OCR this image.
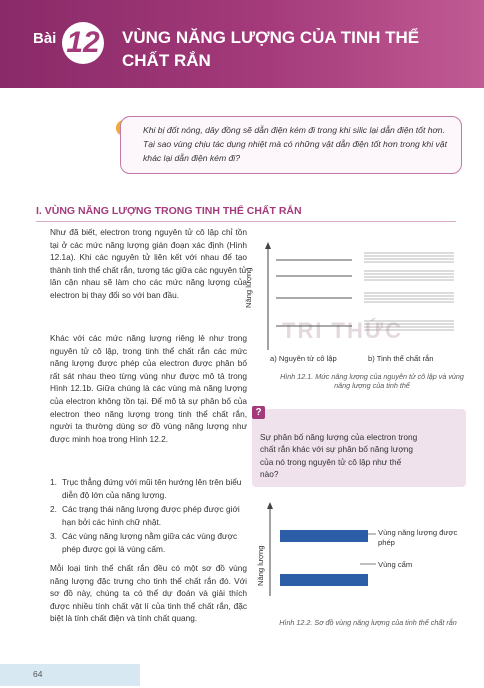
Bài 12 VÙNG NĂNG LƯỢNG CỦA TINH THỂ CHẤT RẮN

Khi bị đốt nóng, dây đồng sẽ dẫn điện kém đi trong khi silic lại dẫn điện tốt hơn. Tại sao vùng chịu tác dụng nhiệt mà có những vật dẫn điện tốt hơn trong khi vật khác lại dẫn điện kém đi?

I. VÙNG NĂNG LƯỢNG TRONG TINH THỂ CHẤT RẮN

Như đã biết, electron trong nguyên tử cô lập chỉ tồn tại ở các mức năng lượng gián đoạn xác định (Hình 12.1a). Khi các nguyên tử liên kết với nhau để tạo thành tinh thể chất rắn, tương tác giữa các nguyên tử lân cận nhau sẽ làm cho các mức năng lượng của electron bị thay đổi so với ban đầu.

Khác với các mức năng lượng riêng lẻ như trong nguyên tử cô lập, trong tinh thể chất rắn các mức năng lượng được phép của electron được phân bố rất sát nhau theo từng vùng như được mô tả trong Hình 12.1b. Giữa chúng là các vùng mà năng lượng của electron không tồn tại. Để mô tả sự phân bố của electron theo năng lượng trong tinh thể chất rắn, người ta thường dùng sơ đồ vùng năng lượng như được minh hoạ trong Hình 12.2.

1. Trục thẳng đứng với mũi tên hướng lên trên biểu diễn độ lớn của năng lượng.
2. Các trạng thái năng lượng được phép được giới hạn bởi các hình chữ nhật.
3. Các vùng năng lượng nằm giữa các vùng được phép được gọi là vùng cấm.

Mỗi loại tinh thể chất rắn đều có một sơ đồ vùng năng lượng đặc trưng cho tinh thể chất rắn đó. Với sơ đồ này, chúng ta có thể dự đoán và giải thích được nhiều tính chất vật lí của tinh thể chất rắn, đặc biệt là tính chất điện và tính chất quang.

TRI THỨC
Năng lượng
a) Nguyên tử cô lập	b) Tinh thể chất rắn
Hình 12.1. Mức năng lượng của nguyên tử cô lập và vùng năng lượng của tinh thể

Sự phân bố năng lượng của electron trong chất rắn khác với sự phân bố năng lượng của nó trong nguyên tử cô lập như thế nào?

?
Năng lượng
Vùng năng lượng được phép
Vùng cấm
Hình 12.2. Sơ đồ vùng năng lượng của tinh thể chất rắn
64
